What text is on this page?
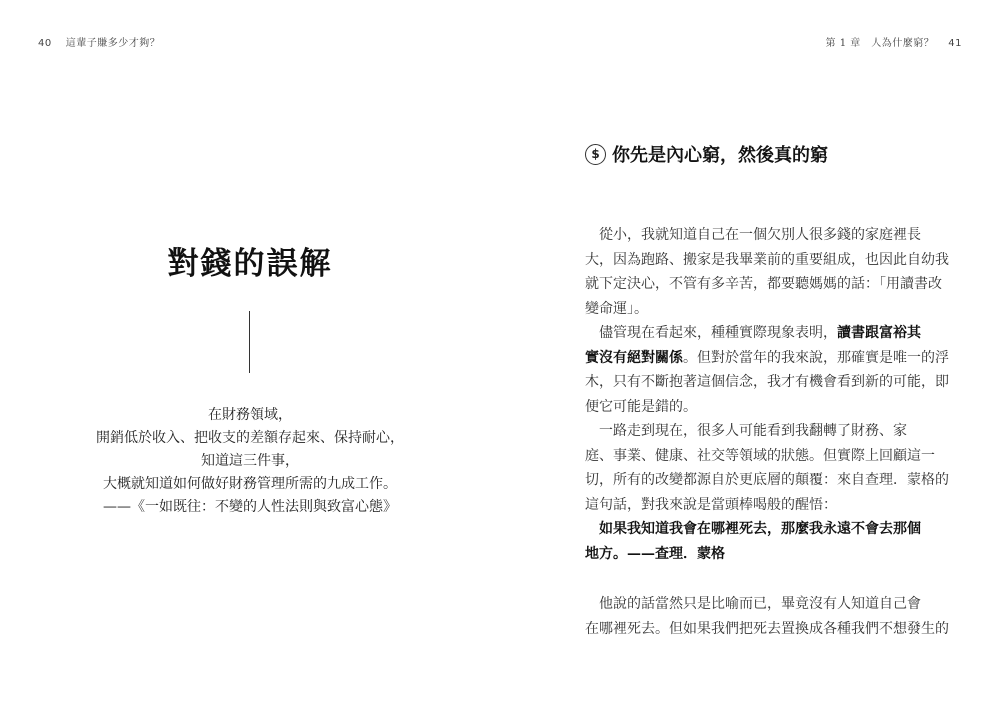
40 這輩子賺多少才夠？
對錢的誤解

在財務領域，

開銷低於收入、把收支的差額存起來、保持耐心，

知道這三件事，

大概就知道如何做好財務管理所需的九成工作。

——《一如既往：不變的人性法則與致富心態》

第 1 章　人為什麼窮？ 41
$ 你先是內心窮，然後真的窮
　從小，我就知道自己在一個欠別人很多錢的家庭裡長
大，因為跑路、搬家是我畢業前的重要組成，也因此自幼我
就下定決心，不管有多辛苦，都要聽媽媽的話：「用讀書改
變命運」。
　儘管現在看起來，種種實際現象表明，讀書跟富裕其
實沒有絕對關係。但對於當年的我來說，那確實是唯一的浮
木，只有不斷抱著這個信念，我才有機會看到新的可能，即
便它可能是錯的。
　一路走到現在，很多人可能看到我翻轉了財務、家
庭、事業、健康、社交等領域的狀態。但實際上回顧這一
切，所有的改變都源自於更底層的顛覆：來自查理．蒙格的
這句話，對我來說是當頭棒喝般的醒悟：
　如果我知道我會在哪裡死去，那麼我永遠不會去那個
地方。——查理．蒙格
　他說的話當然只是比喻而已，畢竟沒有人知道自己會
在哪裡死去。但如果我們把死去置換成各種我們不想發生的
